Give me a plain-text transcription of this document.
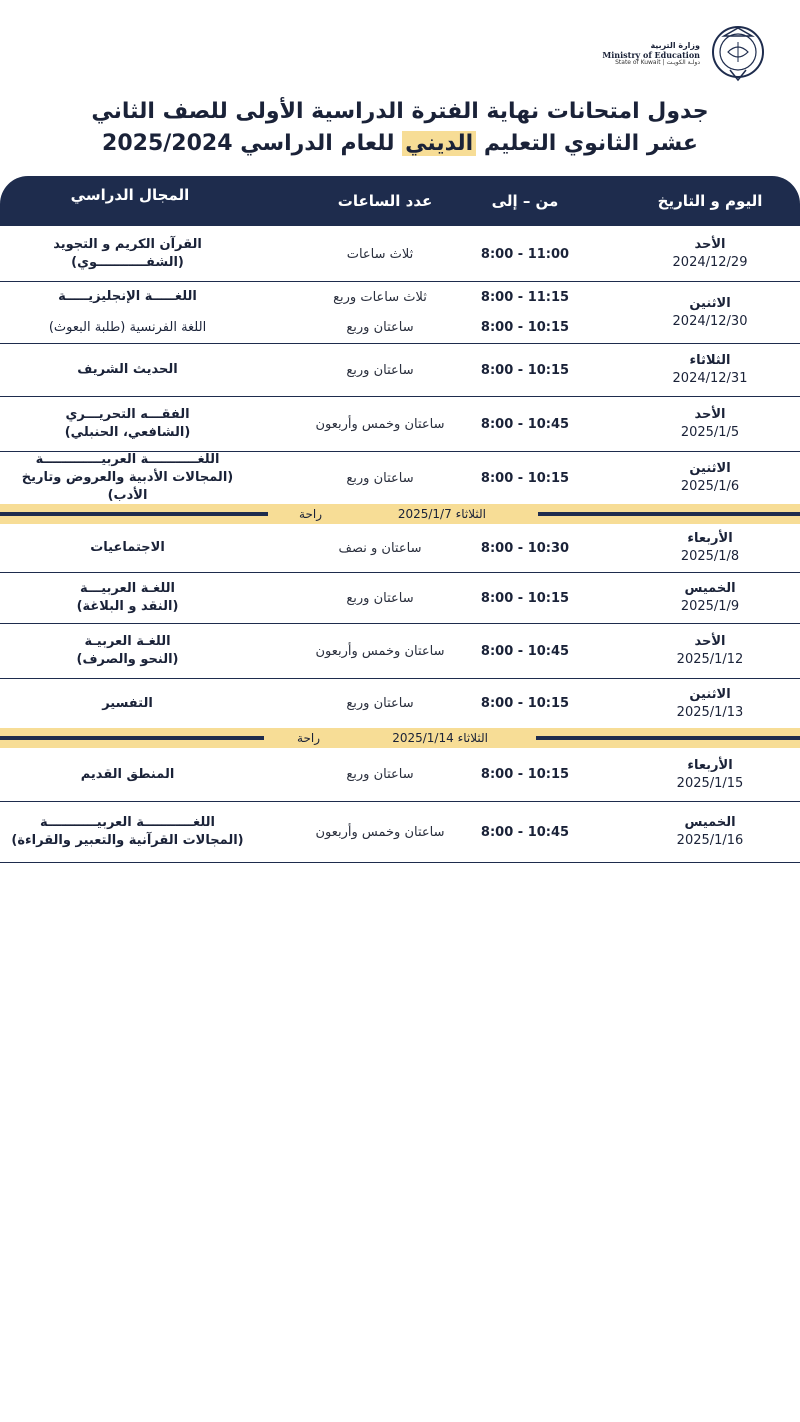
وزارة التربية
Ministry of Education
State of Kuwait | دولـة الكويـت
جدول امتحانات نهاية الفترة الدراسية الأولى للصف الثاني
عشر الثانوي التعليم الديني للعام الدراسي 2025/2024
اليوم و التاريخ
من – إلى
عدد الساعات
المجال الدراسي
الأحد
2024/12/29
8:00 - 11:00
ثلاث ساعات
القرآن الكريم و التجويد
(الشفـــــــــــوي)
الاثنين
2024/12/30
8:00 - 11:15
8:00 - 10:15
ثلاث ساعات وربع
ساعتان وربع
اللغـــــة الإنجليزيـــــة
اللغة الفرنسية (طلبة البعوث)
الثلاثاء
2024/12/31
8:00 - 10:15
ساعتان وربع
الحديث الشريف
الأحد
2025/1/5
8:00 - 10:45
ساعتان وخمس وأربعون
الفقـــه التحريـــري
(الشافعي، الحنبلي)
الاثنين
2025/1/6
8:00 - 10:15
ساعتان وربع
اللغـــــــــــة العربيـــــــــــــة
(المجالات الأدبية والعروض وتاريخ الأدب)
الثلاثاء 2025/1/7
راحة
الأربعاء
2025/1/8
8:00 - 10:30
ساعتان و نصف
الاجتماعيات
الخميس
2025/1/9
8:00 - 10:15
ساعتان وربع
اللغـة العربيـــة
(النقد و البلاغة)
الأحد
2025/1/12
8:00 - 10:45
ساعتان وخمس وأربعون
اللغـة العربيـة
(النحو والصرف)
الاثنين
2025/1/13
8:00 - 10:15
ساعتان وربع
التفسير
الثلاثاء 2025/1/14
راحة
الأربعاء
2025/1/15
8:00 - 10:15
ساعتان وربع
المنطق القديم
الخميس
2025/1/16
8:00 - 10:45
ساعتان وخمس وأربعون
اللغـــــــــــة العربيـــــــــــة
(المجالات القرآنية والتعبير والقراءة)
